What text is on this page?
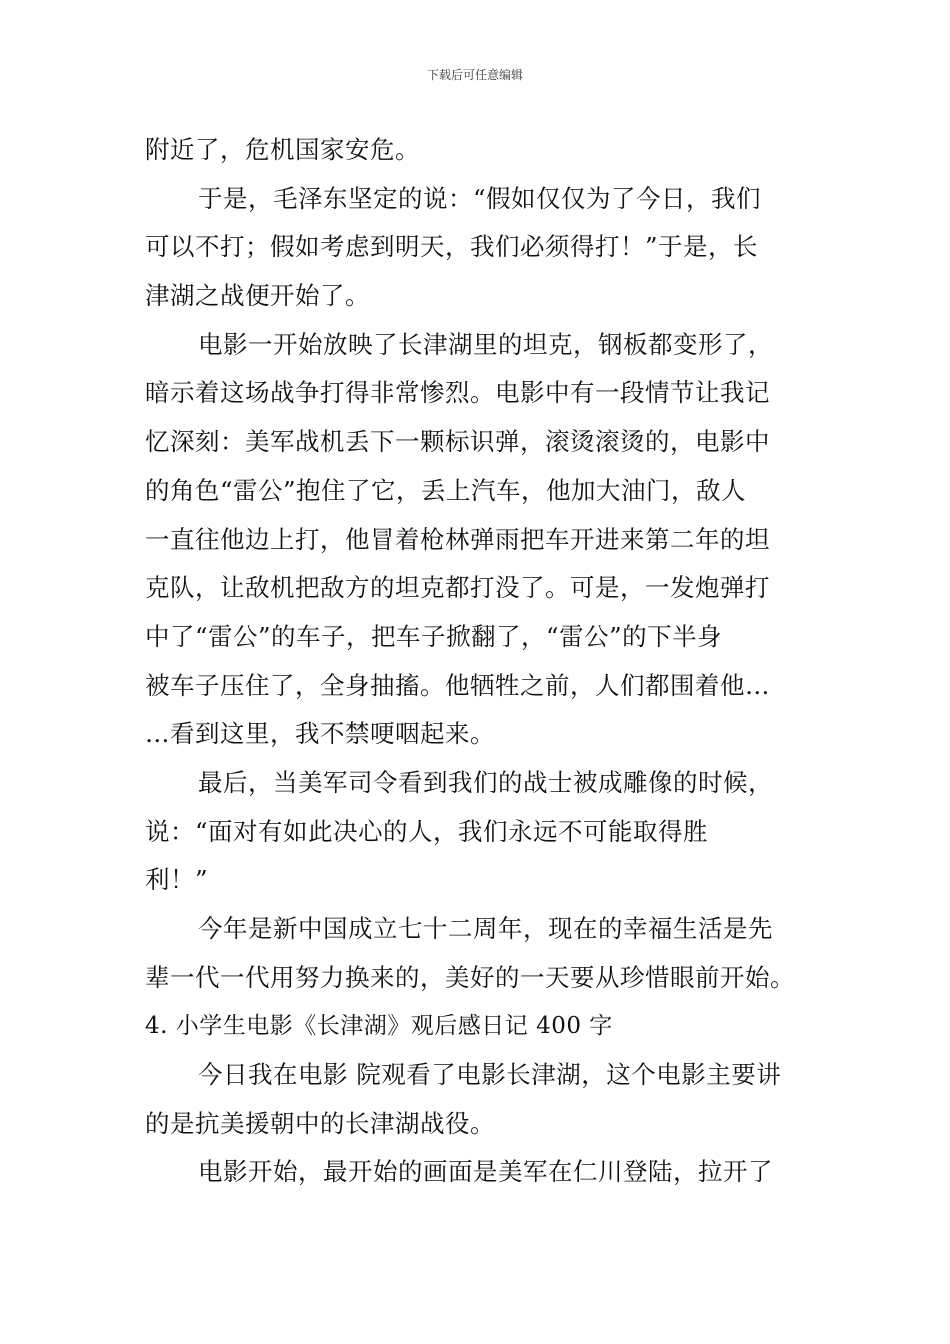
下载后可任意编辑
附近了，危机国家安危。
于是，毛泽东坚定的说：“假如仅仅为了今日，我们
可以不打；假如考虑到明天，我们必须得打！”于是，长
津湖之战便开始了。
电影一开始放映了长津湖里的坦克，钢板都变形了，
暗示着这场战争打得非常惨烈。电影中有一段情节让我记
忆深刻：美军战机丢下一颗标识弹，滚烫滚烫的，电影中
的角色“雷公”抱住了它，丢上汽车，他加大油门，敌人
一直往他边上打，他冒着枪林弹雨把车开进来第二年的坦
克队，让敌机把敌方的坦克都打没了。可是，一发炮弹打
中了“雷公”的车子，把车子掀翻了，“雷公”的下半身
被车子压住了，全身抽搐。他牺牲之前，人们都围着他…
…看到这里，我不禁哽咽起来。
最后，当美军司令看到我们的战士被成雕像的时候，
说：“面对有如此决心的人，我们永远不可能取得胜
利！”
今年是新中国成立七十二周年，现在的幸福生活是先
辈一代一代用努力换来的，美好的一天要从珍惜眼前开始。
4. 小学生电影《长津湖》观后感日记 400 字
今日我在电影 院观看了电影长津湖，这个电影主要讲
的是抗美援朝中的长津湖战役。
电影开始，最开始的画面是美军在仁川登陆，拉开了
